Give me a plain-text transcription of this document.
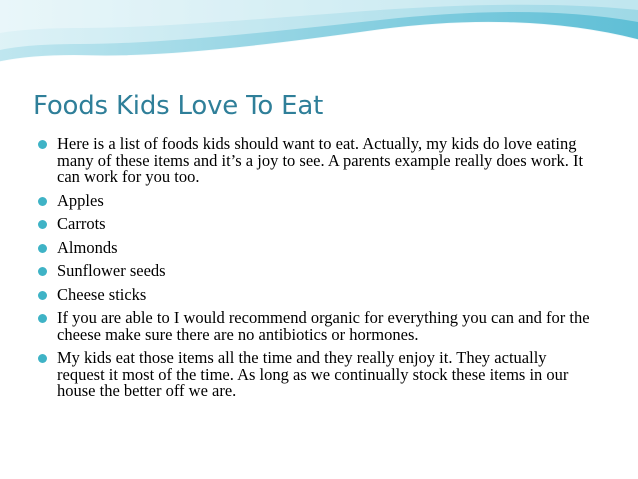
Foods Kids Love To Eat
Here is a list of foods kids should want to eat. Actually, my kids do love eating many of these items and it’s a joy to see. A parents example really does work. It can work for you too.
Apples
Carrots
Almonds
Sunflower seeds
Cheese sticks
If you are able to I would recommend organic for everything you can and for the cheese make sure there are no antibiotics or hormones.
My kids eat those items all the time and they really enjoy it. They actually request it most of the time. As long as we continually stock these items in our house the better off we are.
